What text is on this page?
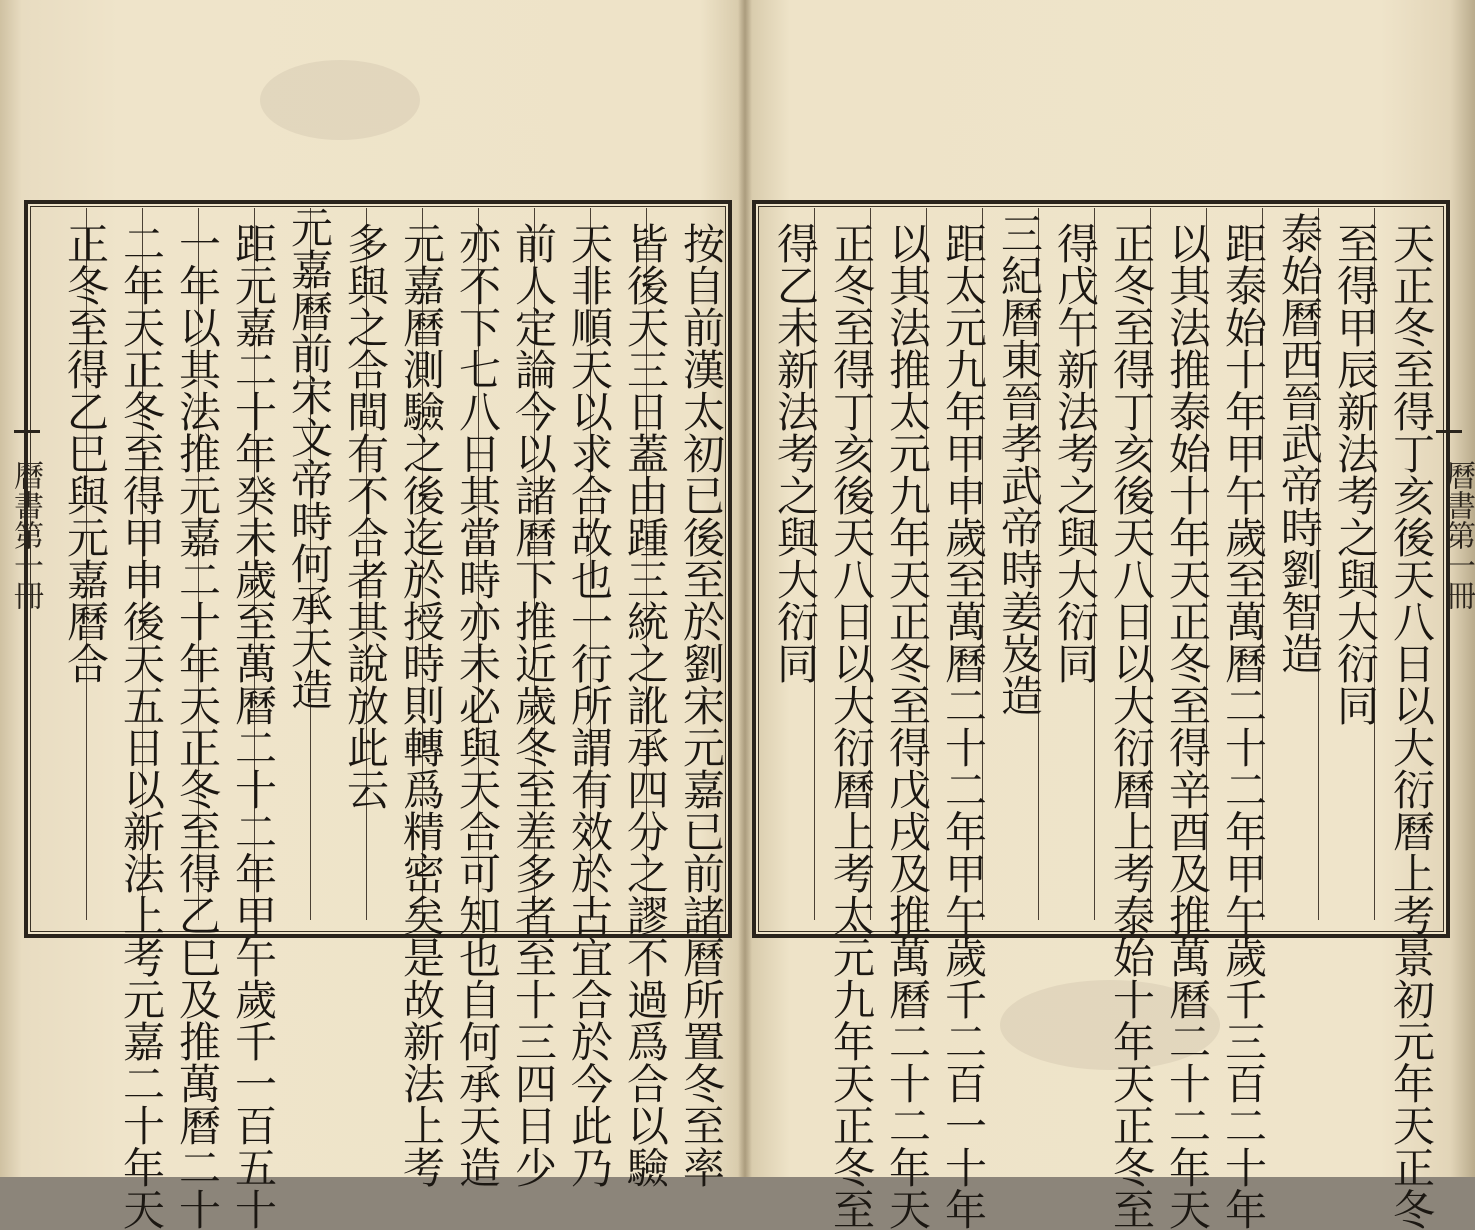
按自前漢太初已後至於劉宋元嘉已前諸曆所置冬至率
皆後天三日蓋由踵三統之訛承四分之謬不過爲合以驗
天非順天以求合故也一行所謂有效於古宜合於今此乃
前人定論今以諸曆下推近歲冬至差多者至十三四日少
亦不下七八日其當時亦未必與天合可知也自何承天造
元嘉曆測驗之後迄於授時則轉爲精密矣是故新法上考
多與之合間有不合者其說放此云
元嘉曆前宋文帝時何承天造
距元嘉二十年癸未歲至萬曆二十二年甲午歲千一百五十
一年以其法推元嘉二十年天正冬至得乙巳及推萬曆二十
二年天正冬至得甲申後天五日以新法上考元嘉二十年天
正冬至得乙巳與元嘉曆合
曆書第一冊	天正冬至得丁亥後天八日以大衍曆上考景初元年天正冬
至得甲辰新法考之與大衍同
泰始曆西晉武帝時劉智造
距泰始十年甲午歲至萬曆二十二年甲午歲千三百二十年
以其法推泰始十年天正冬至得辛酉及推萬曆二十二年天
正冬至得丁亥後天八日以大衍曆上考泰始十年天正冬至
得戊午新法考之與大衍同
三紀曆東晉孝武帝時姜岌造
距太元九年甲申歲至萬曆二十二年甲午歲千二百一十年
以其法推太元九年天正冬至得戊戌及推萬曆二十二年天
正冬至得丁亥後天八日以大衍曆上考太元九年天正冬至
得乙未新法考之與大衍同	曆書第一冊
